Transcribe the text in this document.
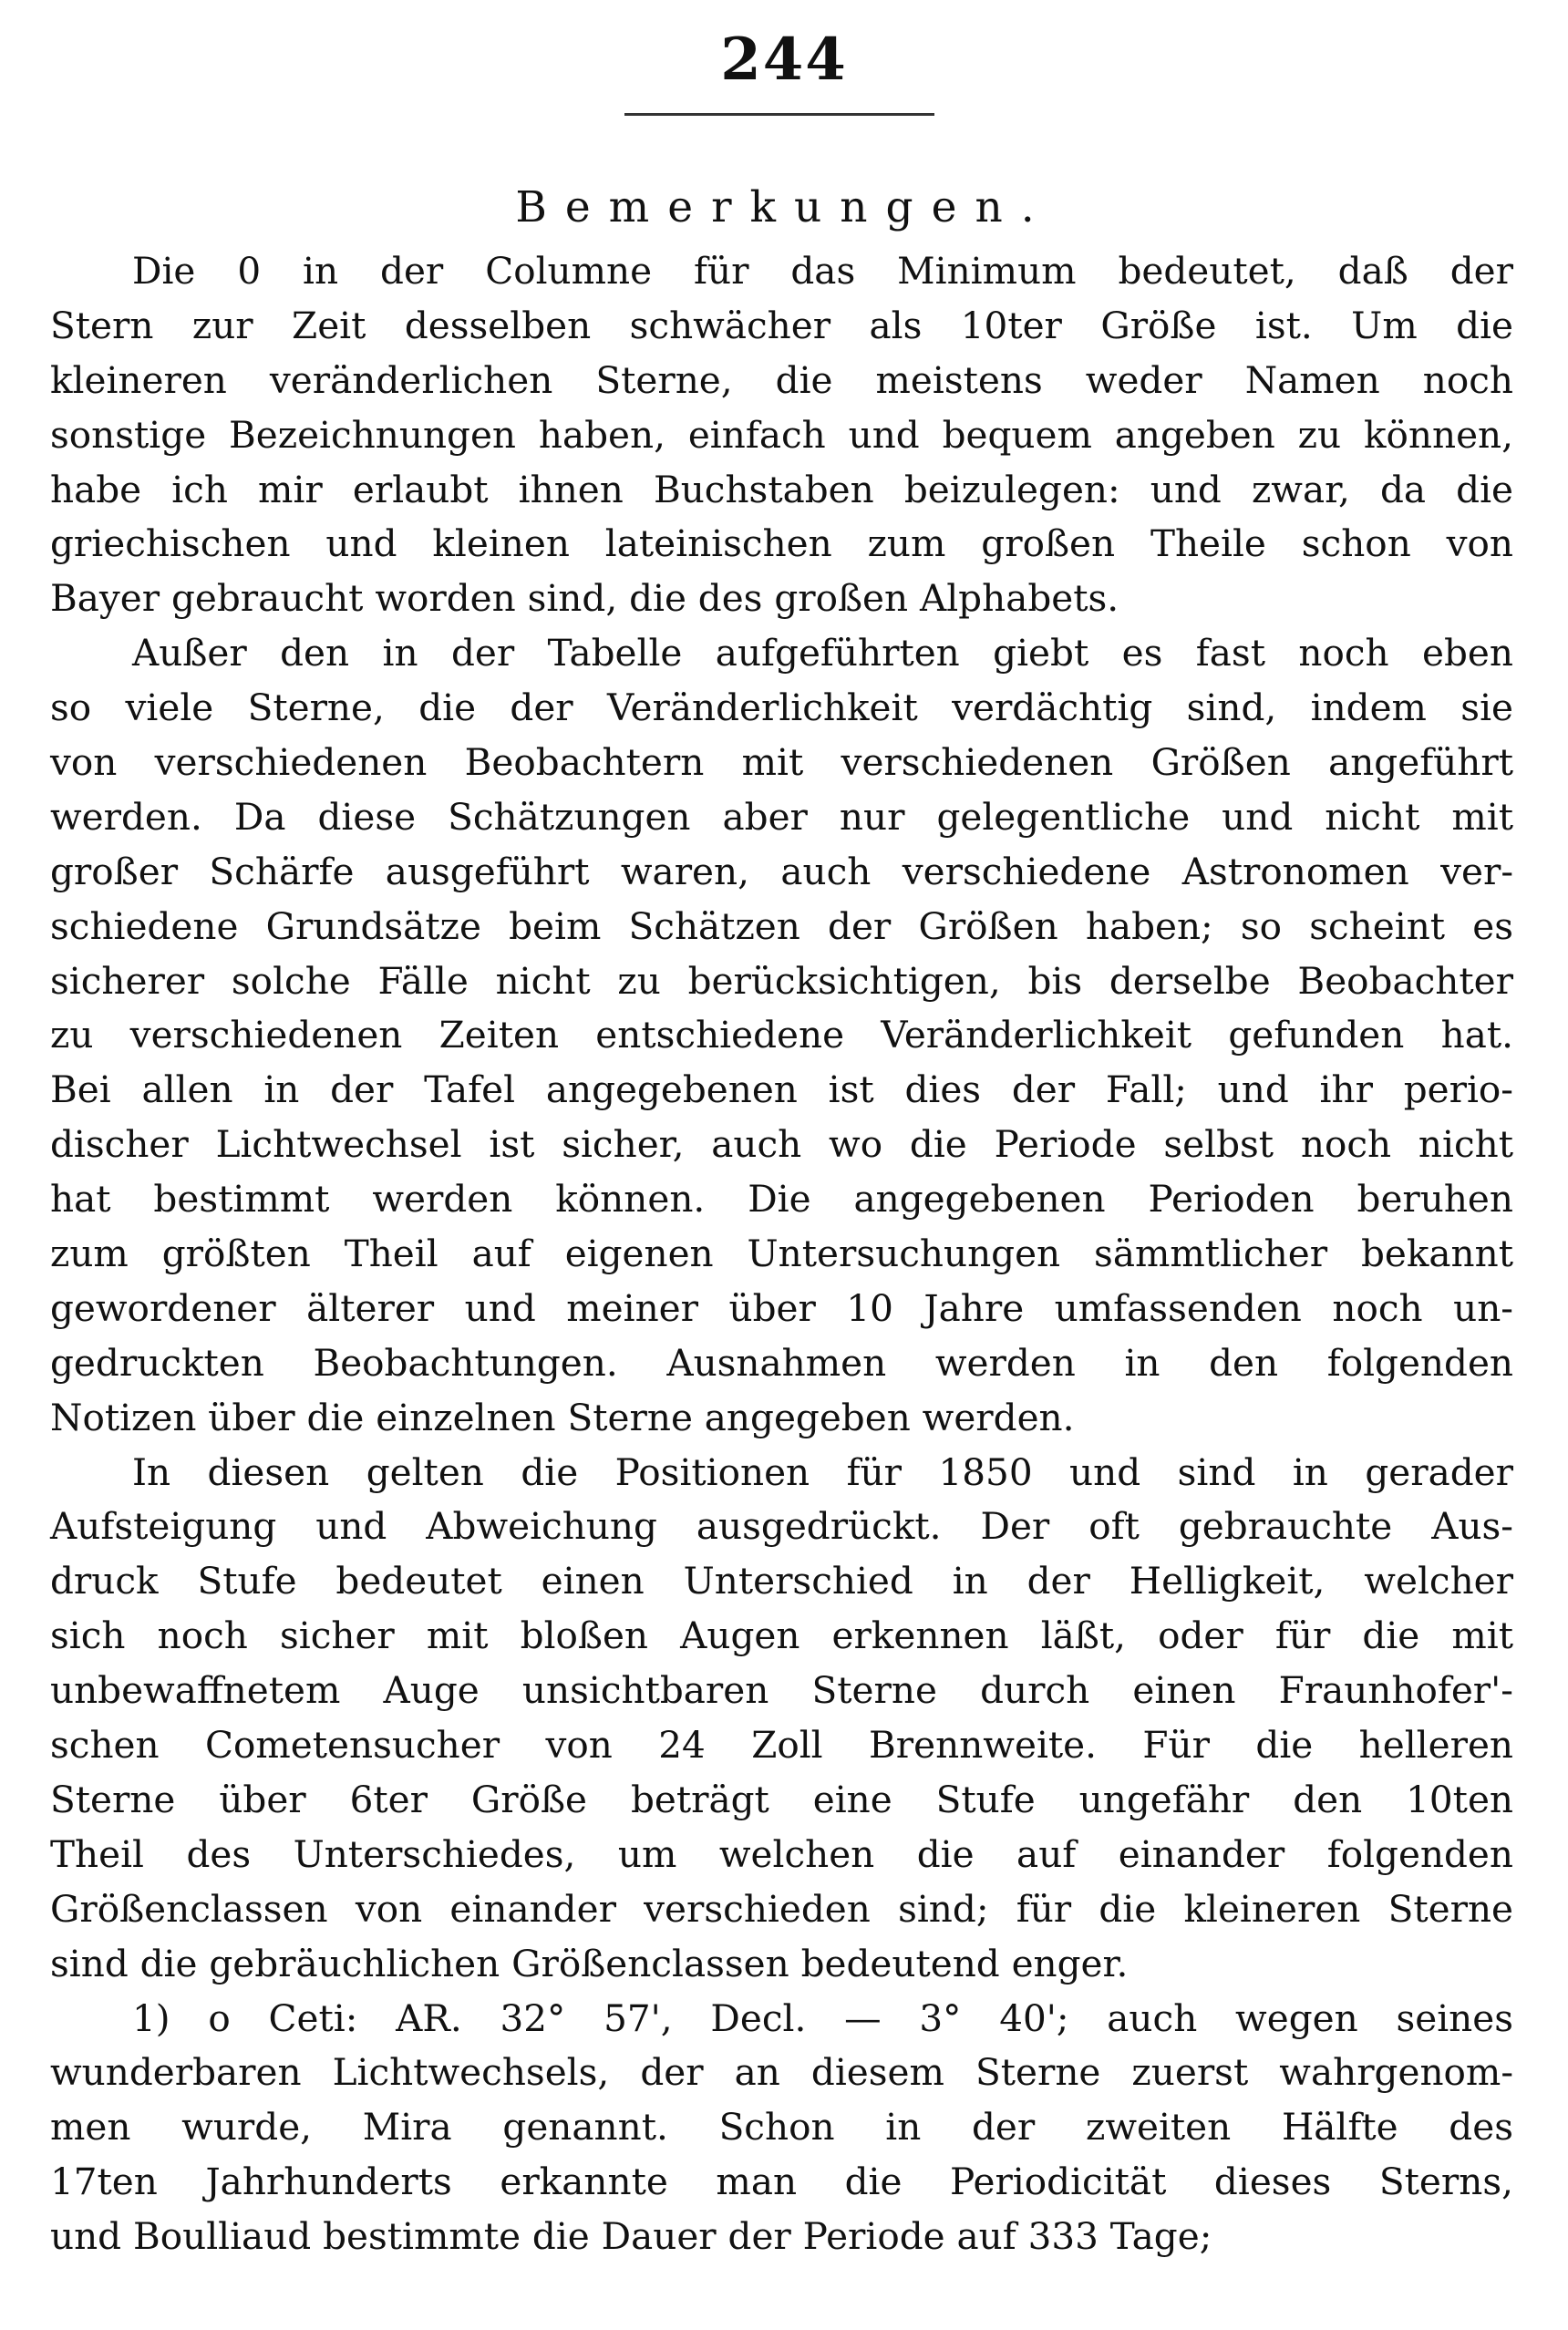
244
Bemerkungen.
Die 0 in der Columne für das Minimum bedeutet, daß der
Stern zur Zeit desselben schwächer als 10ter Größe ist. Um die
kleineren veränderlichen Sterne, die meistens weder Namen noch
sonstige Bezeichnungen haben, einfach und bequem angeben zu können,
habe ich mir erlaubt ihnen Buchstaben beizulegen: und zwar, da die
griechischen und kleinen lateinischen zum großen Theile schon von
Bayer gebraucht worden sind, die des großen Alphabets.
Außer den in der Tabelle aufgeführten giebt es fast noch eben
so viele Sterne, die der Veränderlichkeit verdächtig sind, indem sie
von verschiedenen Beobachtern mit verschiedenen Größen angeführt
werden. Da diese Schätzungen aber nur gelegentliche und nicht mit
großer Schärfe ausgeführt waren, auch verschiedene Astronomen ver-
schiedene Grundsätze beim Schätzen der Größen haben; so scheint es
sicherer solche Fälle nicht zu berücksichtigen, bis derselbe Beobachter
zu verschiedenen Zeiten entschiedene Veränderlichkeit gefunden hat.
Bei allen in der Tafel angegebenen ist dies der Fall; und ihr perio-
discher Lichtwechsel ist sicher, auch wo die Periode selbst noch nicht
hat bestimmt werden können. Die angegebenen Perioden beruhen
zum größten Theil auf eigenen Untersuchungen sämmtlicher bekannt
gewordener älterer und meiner über 10 Jahre umfassenden noch un-
gedruckten Beobachtungen. Ausnahmen werden in den folgenden
Notizen über die einzelnen Sterne angegeben werden.
In diesen gelten die Positionen für 1850 und sind in gerader
Aufsteigung und Abweichung ausgedrückt. Der oft gebrauchte Aus-
druck Stufe bedeutet einen Unterschied in der Helligkeit, welcher
sich noch sicher mit bloßen Augen erkennen läßt, oder für die mit
unbewaffnetem Auge unsichtbaren Sterne durch einen Fraunhofer'-
schen Cometensucher von 24 Zoll Brennweite. Für die helleren
Sterne über 6ter Größe beträgt eine Stufe ungefähr den 10ten
Theil des Unterschiedes, um welchen die auf einander folgenden
Größenclassen von einander verschieden sind; für die kleineren Sterne
sind die gebräuchlichen Größenclassen bedeutend enger.
1) ο Ceti: AR. 32° 57', Decl. — 3° 40'; auch wegen seines
wunderbaren Lichtwechsels, der an diesem Sterne zuerst wahrgenom-
men wurde, Mira genannt. Schon in der zweiten Hälfte des
17ten Jahrhunderts erkannte man die Periodicität dieses Sterns,
und Boulliaud bestimmte die Dauer der Periode auf 333 Tage;
